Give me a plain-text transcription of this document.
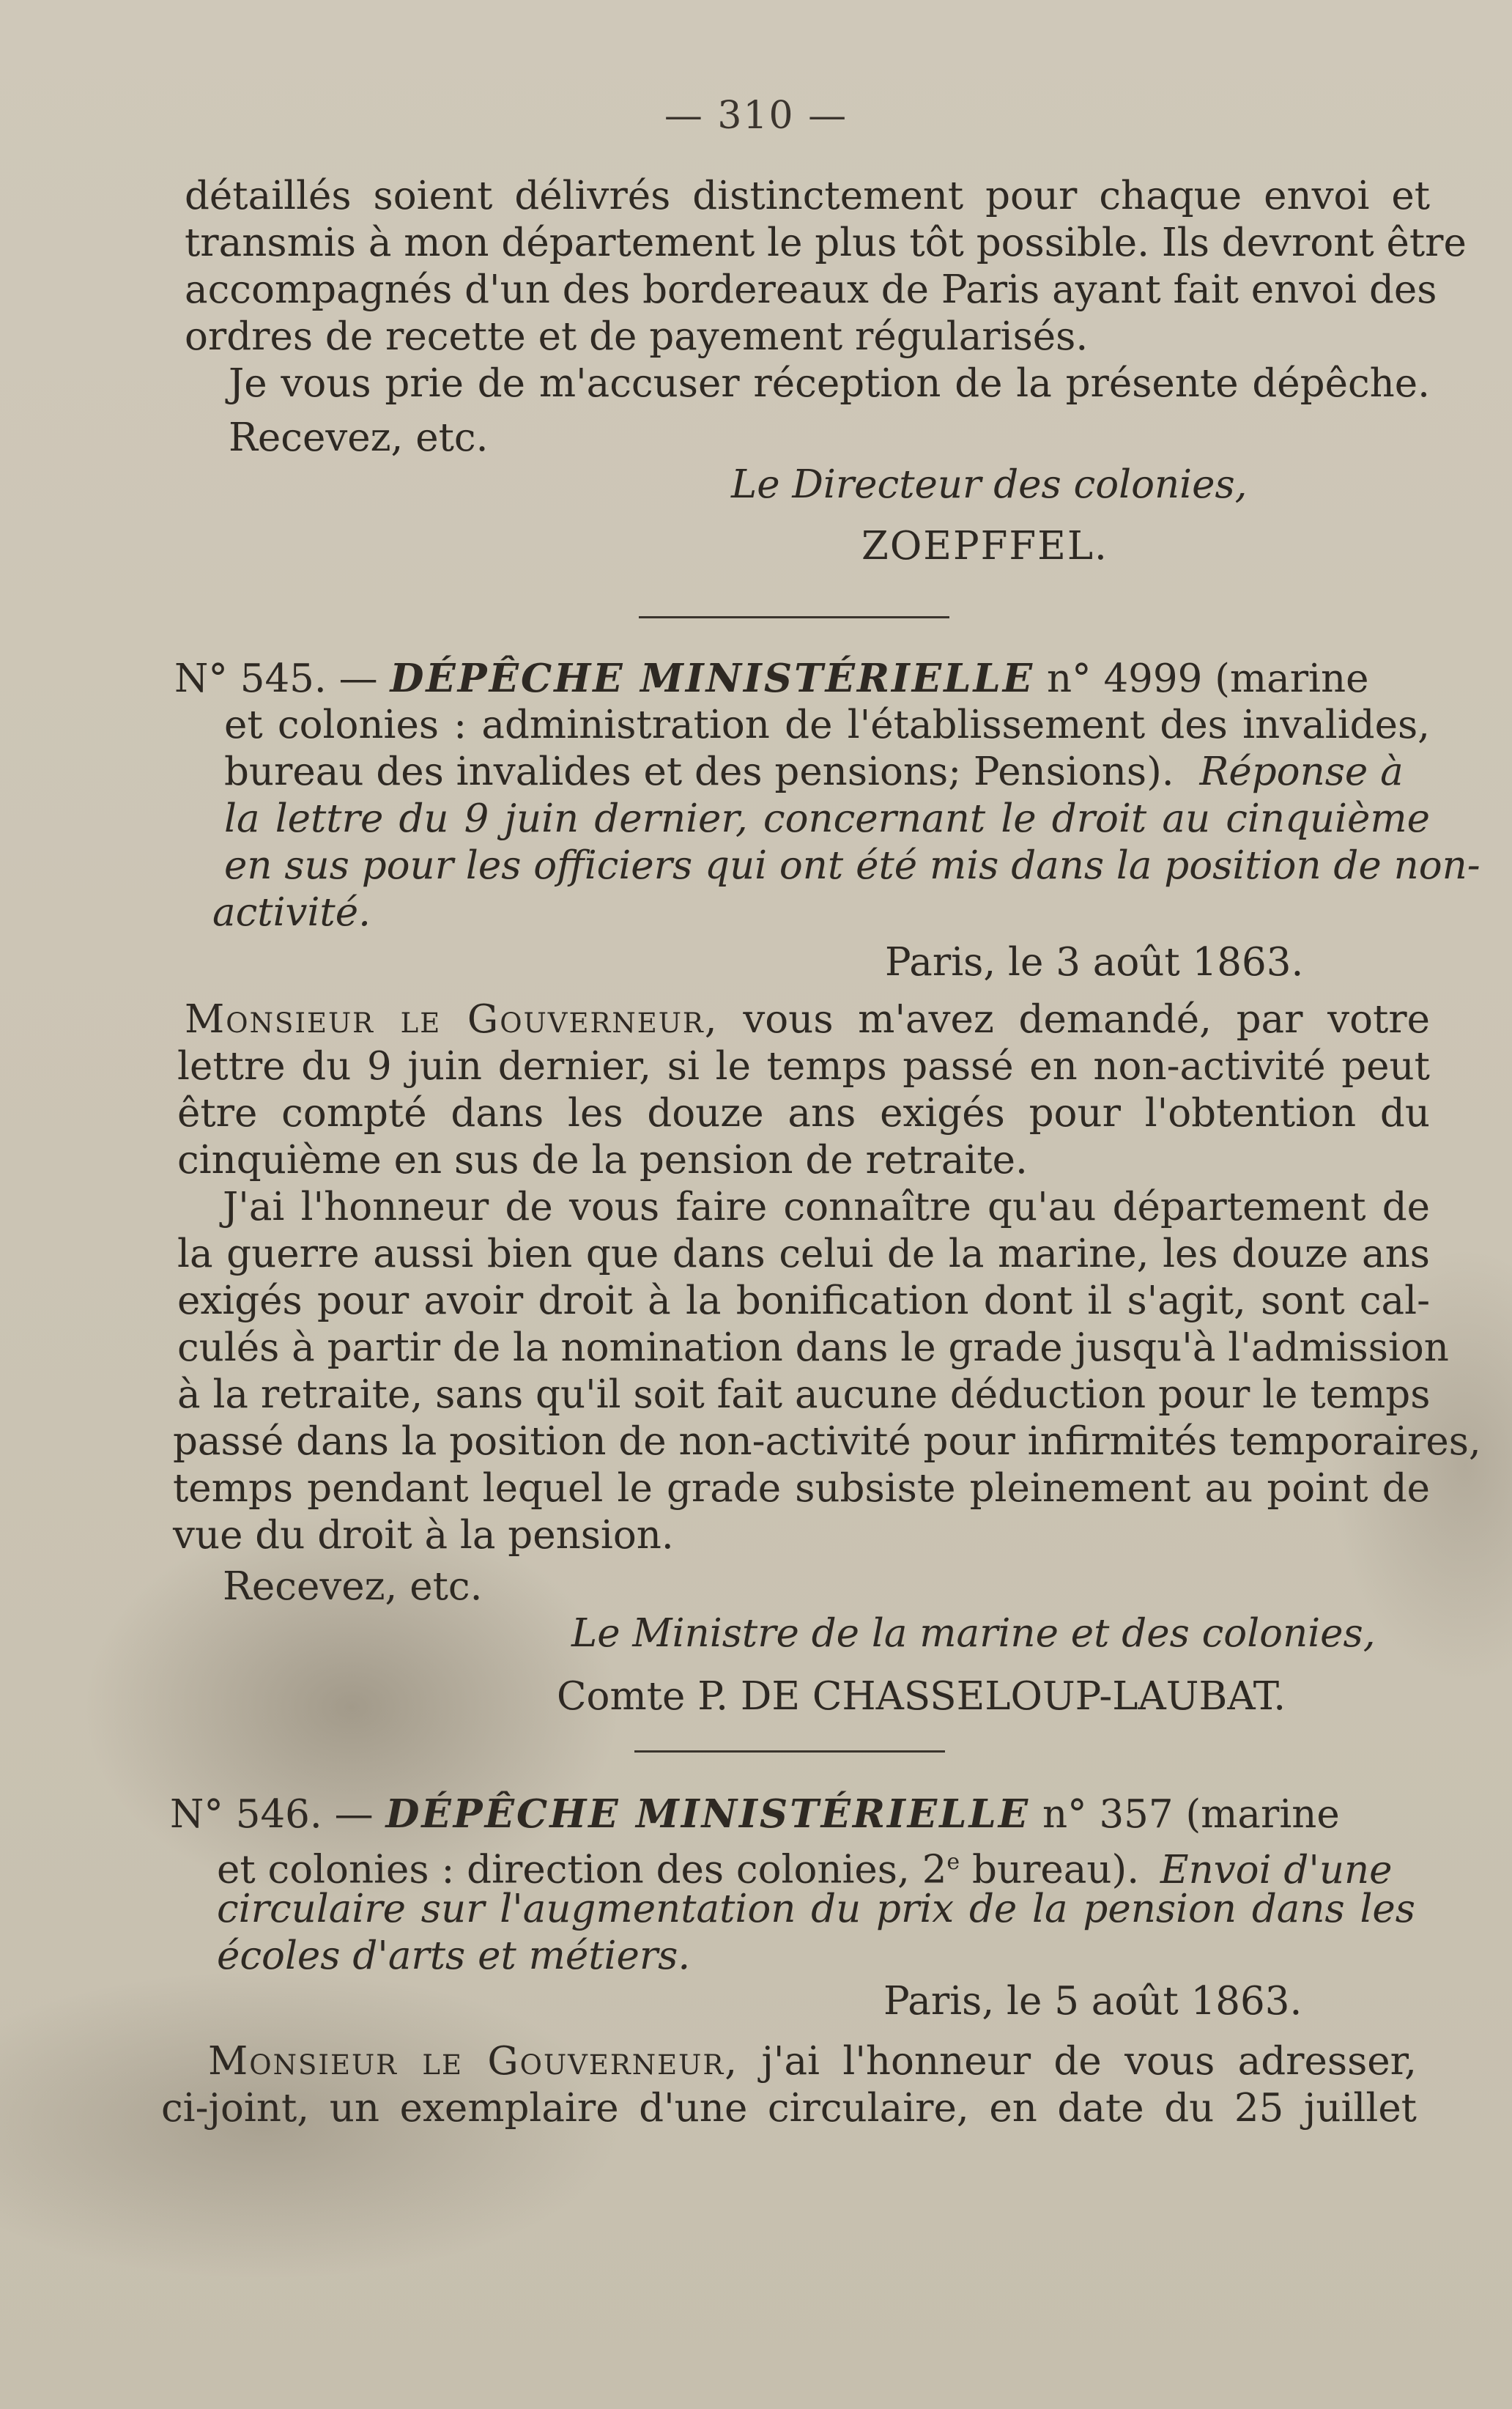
— 310 —
détaillés soient délivrés distinctement pour chaque envoi et
transmis à mon département le plus tôt possible. Ils devront être
accompagnés d'un des bordereaux de Paris ayant fait envoi des
ordres de recette et de payement régularisés.
Je vous prie de m'accuser réception de la présente dépêche.
Recevez, etc.
Le Directeur des colonies,
ZOEPFFEL.
N° 545. — DÉPÊCHE MINISTÉRIELLE n° 4999 (marine
et colonies : administration de l'établissement des invalides,
bureau des invalides et des pensions; Pensions). Réponse à
la lettre du 9 juin dernier, concernant le droit au cinquième
en sus pour les officiers qui ont été mis dans la position de non-
activité.
Paris, le 3 août 1863.
Monsieur le Gouverneur, vous m'avez demandé, par votre
lettre du 9 juin dernier, si le temps passé en non-activité peut
être compté dans les douze ans exigés pour l'obtention du
cinquième en sus de la pension de retraite.
J'ai l'honneur de vous faire connaître qu'au département de
la guerre aussi bien que dans celui de la marine, les douze ans
exigés pour avoir droit à la bonification dont il s'agit, sont cal-
culés à partir de la nomination dans le grade jusqu'à l'admission
à la retraite, sans qu'il soit fait aucune déduction pour le temps
passé dans la position de non-activité pour infirmités temporaires,
temps pendant lequel le grade subsiste pleinement au point de
vue du droit à la pension.
Recevez, etc.
Le Ministre de la marine et des colonies,
Comte P. DE CHASSELOUP-LAUBAT.
N° 546. — DÉPÊCHE MINISTÉRIELLE n° 357 (marine
et colonies : direction des colonies, 2e bureau). Envoi d'une
circulaire sur l'augmentation du prix de la pension dans les
écoles d'arts et métiers.
Paris, le 5 août 1863.
Monsieur le Gouverneur, j'ai l'honneur de vous adresser,
ci-joint, un exemplaire d'une circulaire, en date du 25 juillet
